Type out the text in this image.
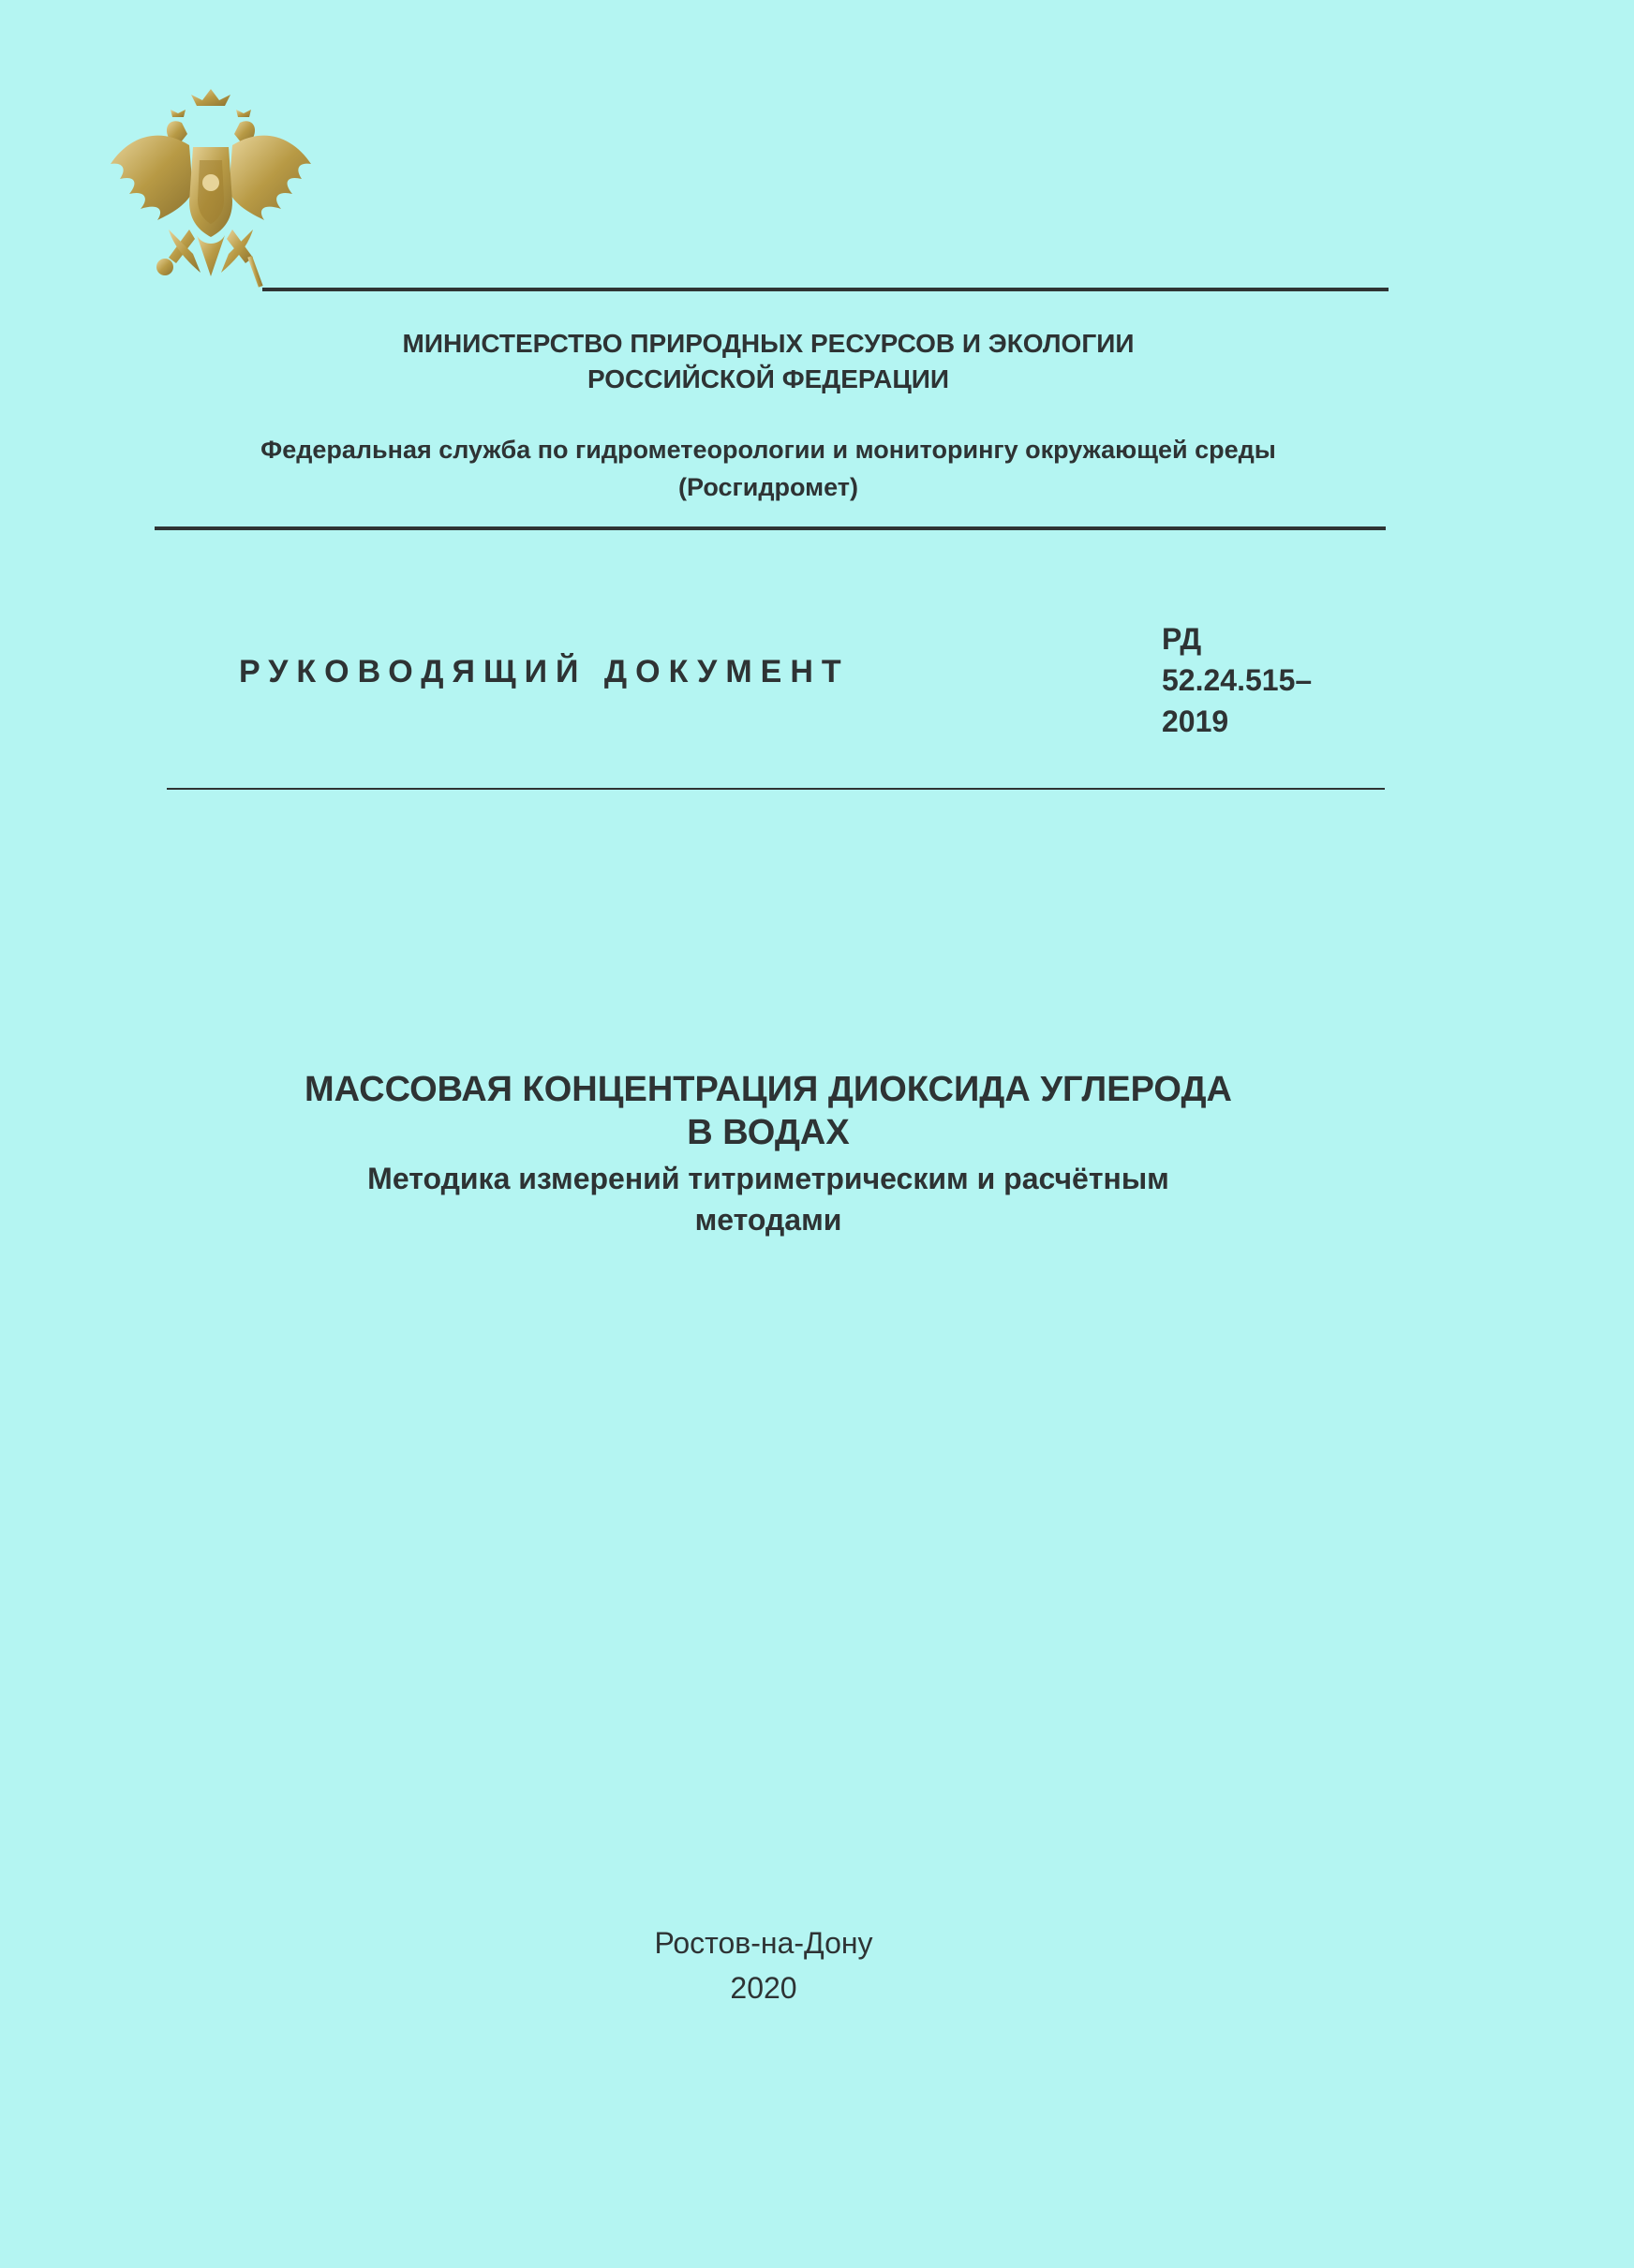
МИНИСТЕРСТВО ПРИРОДНЫХ РЕСУРСОВ И ЭКОЛОГИИ
РОССИЙСКОЙ ФЕДЕРАЦИИ
Федеральная служба по гидрометеорологии и мониторингу окружающей среды
(Росгидромет)
РУКОВОДЯЩИЙ ДОКУМЕНТ
РД
52.24.515–
2019
МАССОВАЯ КОНЦЕНТРАЦИЯ ДИОКСИДА УГЛЕРОДА
В ВОДАХ
Методика измерений титриметрическим и расчётным
методами
Ростов-на-Дону
2020
